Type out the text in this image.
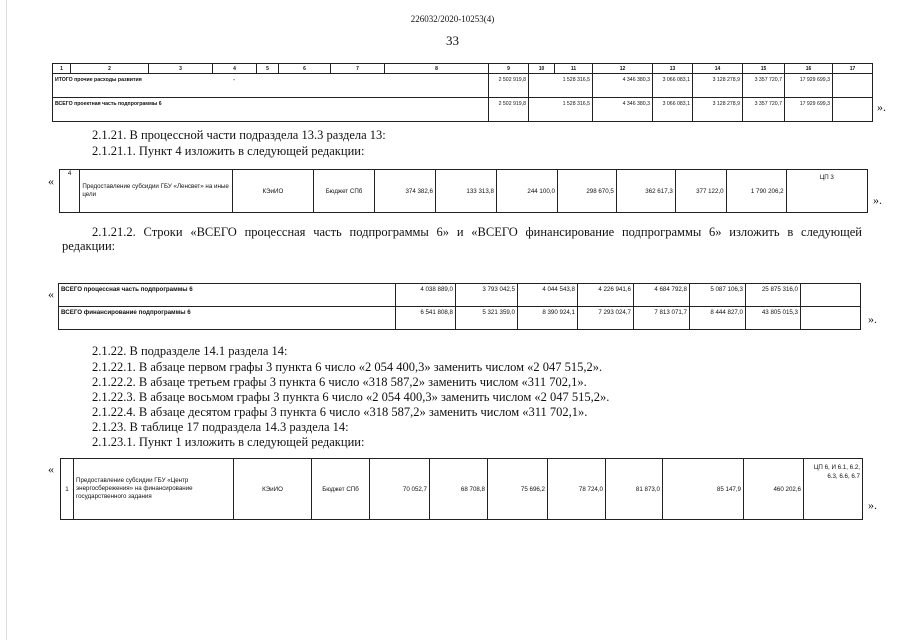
226032/2020-10253(4)
33
1	2	3	4	5	6	7	8	9	10	11	12	13	14	15	16	17
ИТОГО прочие расходы развития -								2 502 919,8	1 528 316,5		4 346 380,3	3 066 083,1	3 128 278,9	3 357 720,7	17 929 699,3	
ВСЕГО проектная часть подпрограммы 6								2 502 919,8	1 528 316,5		4 346 380,3	3 066 083,1	3 128 278,9	3 357 720,7	17 929 699,3		».
2.1.21. В процессной части подраздела 13.3 раздела 13:
2.1.21.1. Пункт 4 изложить в следующей редакции:
«
4	Предоставление субсидии ГБУ «Ленсвет» на иные цели	КЭиИО	Бюджет СПб	374 382,6	133 313,8	244 100,0	298 670,5	362 617,3	377 122,0	1 790 206,2	ЦП 3
».
2.1.21.2. Строки «ВСЕГО процессная часть подпрограммы 6» и «ВСЕГО финансирование подпрограммы 6» изложить в следующей
редакции:
« ВСЕГО процессная часть подпрограммы 6	4 038 889,0	3 793 042,5	4 044 543,8	4 226 941,6	4 684 792,8	5 087 106,3	25 875 316,0	
ВСЕГО финансирование подпрограммы 6	6 541 808,8	5 321 359,0	8 390 924,1	7 293 024,7	7 813 071,7	8 444 827,0	43 805 015,3		».
2.1.22. В подразделе 14.1 раздела 14:
2.1.22.1. В абзаце первом графы 3 пункта 6 число «2 054 400,3» заменить числом «2 047 515,2».
2.1.22.2. В абзаце третьем графы 3 пункта 6 число «318 587,2» заменить числом «311 702,1».
2.1.22.3. В абзаце восьмом графы 3 пункта 6 число «2 054 400,3» заменить числом «2 047 515,2».
2.1.22.4. В абзаце десятом графы 3 пункта 6 число «318 587,2» заменить числом «311 702,1».
2.1.23. В таблице 17 подраздела 14.3 раздела 14:
2.1.23.1. Пункт 1 изложить в следующей редакции:
«
1	Предоставление субсидии ГБУ «Центр энергосбережения» на финансирование государственного задания	КЭиИО	Бюджет СПб	70 052,7	68 708,8	75 696,2	78 724,0	81 873,0	85 147,9	460 202,6	ЦП 6, И 6.1, 6.2, 6.3, 6.6, 6.7
».
